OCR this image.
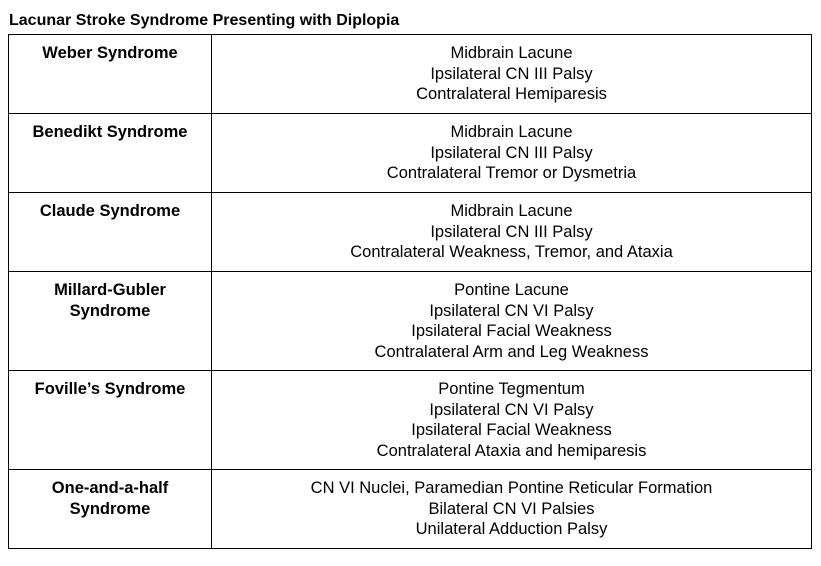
Lacunar Stroke Syndrome Presenting with Diplopia
Weber Syndrome	Midbrain Lacune
Ipsilateral CN III Palsy
Contralateral Hemiparesis

Benedikt Syndrome	Midbrain Lacune
Ipsilateral CN III Palsy
Contralateral Tremor or Dysmetria

Claude Syndrome	Midbrain Lacune
Ipsilateral CN III Palsy
Contralateral Weakness, Tremor, and Ataxia

Millard-Gubler
Syndrome	Pontine Lacune
Ipsilateral CN VI Palsy
Ipsilateral Facial Weakness
Contralateral Arm and Leg Weakness

Foville’s Syndrome	Pontine Tegmentum
Ipsilateral CN VI Palsy
Ipsilateral Facial Weakness
Contralateral Ataxia and hemiparesis

One-and-a-half
Syndrome	CN VI Nuclei, Paramedian Pontine Reticular Formation
Bilateral CN VI Palsies
Unilateral Adduction Palsy
